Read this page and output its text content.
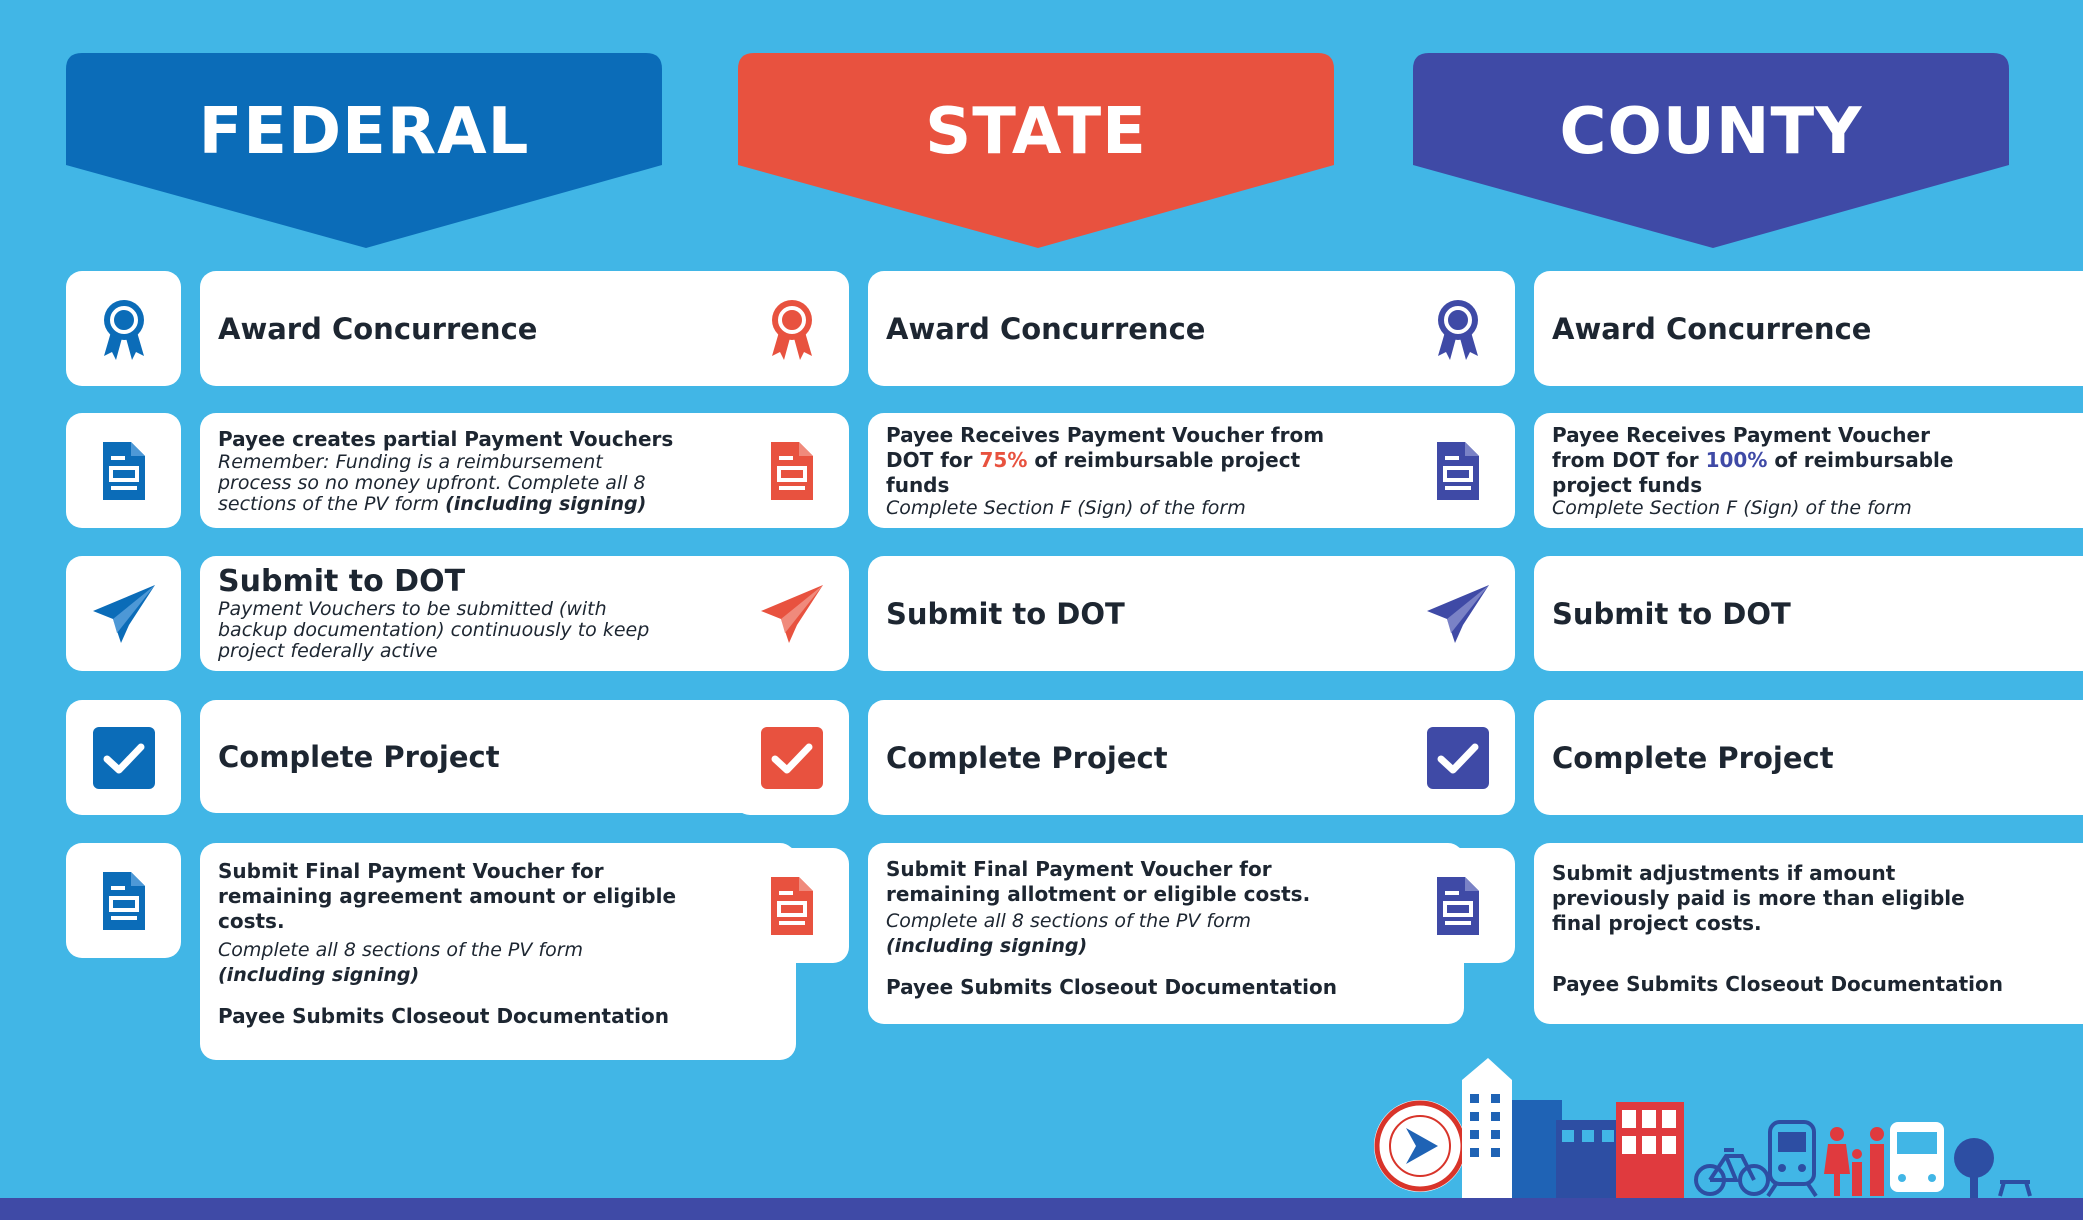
FEDERAL	STATE	COUNTY
Award Concurrence
Payee creates partial Payment Vouchers
Remember: Funding is a reimbursement
process so no money upfront. Complete all 8
sections of the PV form (including signing)
Submit to DOT
Payment Vouchers to be submitted (with
backup documentation) continuously to keep
project federally active
Complete Project
Submit Final Payment Voucher for
remaining agreement amount or eligible
costs.
Complete all 8 sections of the PV form
(including signing)
Payee Submits Closeout Documentation
Award Concurrence
Payee Receives Payment Voucher from
DOT for 75% of reimbursable project
funds
Complete Section F (Sign) of the form
Submit to DOT
Complete Project
Submit Final Payment Voucher for
remaining allotment or eligible costs.
Complete all 8 sections of the PV form
(including signing)
Payee Submits Closeout Documentation
Award Concurrence
Payee Receives Payment Voucher
from DOT for 100% of reimbursable
project funds
Complete Section F (Sign) of the form
Submit to DOT
Complete Project
Submit adjustments if amount
previously paid is more than eligible
final project costs.
Payee Submits Closeout Documentation
